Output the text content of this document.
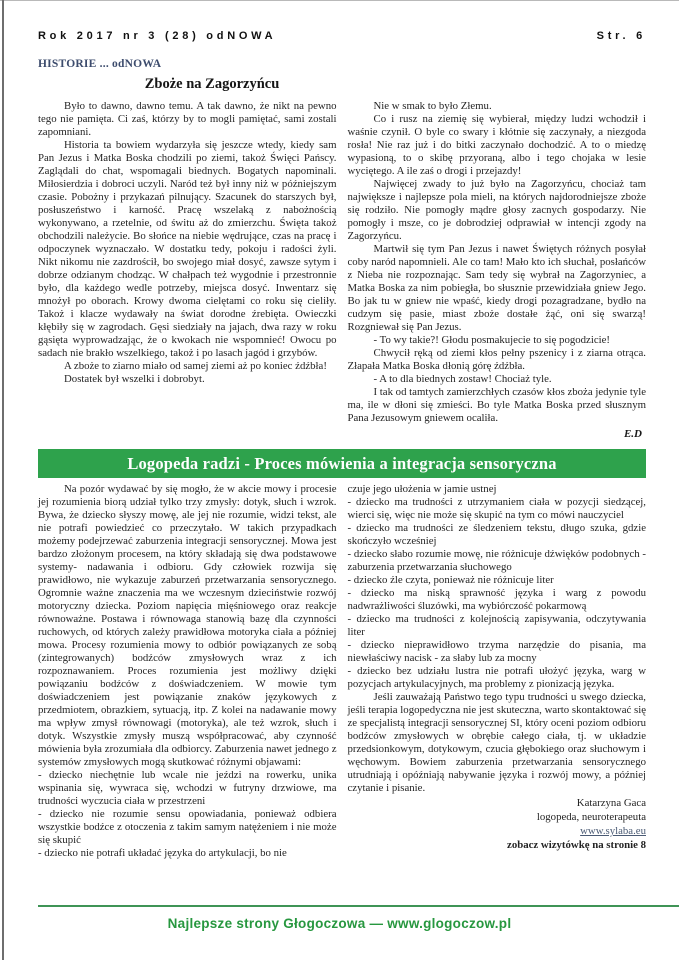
Rok 2017 nr 3 (28) odNOWA	Str. 6
HISTORIE ... odNOWA
Zboże na Zagorzyńcu

Było to dawno, dawno temu. A tak dawno, że nikt na pewno tego nie pamięta. Ci zaś, którzy by to mogli pamiętać, sami zostali zapomniani.

Historia ta bowiem wydarzyła się jeszcze wtedy, kiedy sam Pan Jezus i Matka Boska chodzili po ziemi, takoż Święci Pańscy. Zaglądali do chat, wspomagali biednych. Bogatych napominali. Miłosierdzia i dobroci uczyli. Naród też był inny niż w późniejszym czasie. Pobożny i przykazań pilnujący. Szacunek do starszych był, posłuszeństwo i karność. Pracę wszelaką z nabożnością wykonywano, a rzetelnie, od świtu aż do zmierzchu. Święta takoż obchodzili należycie. Bo słońce na niebie wędrujące, czas na pracę i odpoczynek wyznaczało. W dostatku tedy, pokoju i radości żyli. Nikt nikomu nie zazdrościł, bo swojego miał dosyć, zawsze sytym i dobrze odzianym chodząc. W chałpach też wygodnie i przestronnie było, dla każdego wedle potrzeby, miejsca dosyć. Inwentarz się mnożył po oborach. Krowy dwoma cielętami co roku się cieliły. Takoż i klacze wydawały na świat dorodne źrebięta. Owieczki kłębiły się w zagrodach. Gęsi siedziały na jajach, dwa razy w roku gąsięta wyprowadzając, że o kwokach nie wspomnieć! Owocu po sadach nie brakło wszelkiego, takoż i po lasach jagód i grzybów.

A zboże to ziarno miało od samej ziemi aż po koniec źdźbła!

Dostatek był wszelki i dobrobyt.

Nie w smak to było Złemu.

Co i rusz na ziemię się wybierał, między ludzi wchodził i waśnie czynił. O byle co swary i kłótnie się zaczynały, a niezgoda rosła! Nie raz już i do bitki zaczynało dochodzić. A to o miedzę wypasioną, to o skibę przyoraną, albo i tego chojaka w lesie wyciętego. A ile zaś o drogi i przejazdy!

Najwięcej zwady to już było na Zagorzyńcu, chociaż tam największe i najlepsze pola mieli, na których najdorodniejsze zboże się rodziło. Nie pomogły mądre głosy zacnych gospodarzy. Nie pomogły i msze, co je dobrodziej odprawiał w intencji zgody na Zagorzyńcu.

Martwił się tym Pan Jezus i nawet Świętych różnych posyłał coby naród napomnieli. Ale co tam! Mało kto ich słuchał, posłańców z Nieba nie rozpoznając. Sam tedy się wybrał na Zagorzyniec, a Matka Boska za nim pobiegła, bo słusznie przewidziała gniew Jego. Bo jak tu w gniew nie wpaść, kiedy drogi pozagradzane, bydło na cudzym się pasie, miast zboże dostałe żąć, oni się swarzą! Rozgniewał się Pan Jezus.

- To wy takie?! Głodu posmakujecie to się pogodzicie!

Chwycił ręką od ziemi kłos pełny pszenicy i z ziarna otrąca. Złapała Matka Boska dłonią górę źdźbła.

- A to dla biednych zostaw! Chociaż tyle.

I tak od tamtych zamierzchłych czasów kłos zboża jedynie tyle ma, ile w dłoni się zmieści. Bo tyle Matka Boska przed słusznym Pana Jezusowym gniewem ocaliła.

E.D
Logopeda radzi - Proces mówienia a integracja sensoryczna

Na pozór wydawać by się mogło, że w akcie mowy i procesie jej rozumienia biorą udział tylko trzy zmysły: dotyk, słuch i wzrok. Bywa, że dziecko słyszy mowę, ale jej nie rozumie, widzi tekst, ale nie potrafi powiedzieć co przeczytało. W takich przypadkach możemy podejrzewać zaburzenia integracji sensorycznej. Mowa jest bardzo złożonym procesem, na który składają się dwa podstawowe systemy- nadawania i odbioru. Gdy człowiek rozwija się prawidłowo, nie wykazuje zaburzeń przetwarzania sensorycznego. Ogromnie ważne znaczenia ma we wczesnym dzieciństwie rozwój motoryczny dziecka. Poziom napięcia mięśniowego oraz reakcje równoważne. Postawa i równowaga stanowią bazę dla czynności ruchowych, od których zależy prawidłowa motoryka ciała a później mowa. Procesy rozumienia mowy to odbiór powiązanych ze sobą (zintegrowanych) bodźców zmysłowych wraz z ich rozpoznawaniem. Proces rozumienia jest możliwy dzięki powiązaniu bodźców z doświadczeniem. W mowie tym doświadczeniem jest powiązanie znaków językowych z przedmiotem, obrazkiem, sytuacją, itp. Z kolei na nadawanie mowy ma wpływ zmysł równowagi (motoryka), ale też wzrok, słuch i dotyk. Wszystkie zmysły muszą współpracować, aby czynność mówienia była zrozumiała dla odbiorcy. Zaburzenia nawet jednego z systemów zmysłowych mogą skutkować różnymi objawami:

- dziecko niechętnie lub wcale nie jeździ na rowerku, unika wspinania się, wywraca się, wchodzi w futryny drzwiowe, ma trudności wyczucia ciała w przestrzeni

- dziecko nie rozumie sensu opowiadania, ponieważ odbiera wszystkie bodźce z otoczenia z takim samym natężeniem i nie może się skupić

- dziecko nie potrafi układać języka do artykulacji, bo nie

czuje jego ułożenia w jamie ustnej

- dziecko ma trudności z utrzymaniem ciała w pozycji siedzącej, wierci się, więc nie może się skupić na tym co mówi nauczyciel

- dziecko ma trudności ze śledzeniem tekstu, długo szuka, gdzie skończyło wcześniej

- dziecko słabo rozumie mowę, nie różnicuje dźwięków podobnych - zaburzenia przetwarzania słuchowego

- dziecko źle czyta, ponieważ nie różnicuje liter

- dziecko ma niską sprawność języka i warg z powodu nadwrażliwości śluzówki, ma wybiórczość pokarmową

- dziecko ma trudności z kolejnością zapisywania, odczytywania liter

- dziecko nieprawidłowo trzyma narzędzie do pisania, ma niewłaściwy nacisk - za słaby lub za mocny

- dziecko bez udziału lustra nie potrafi ułożyć języka, warg w pozycjach artykulacyjnych, ma problemy z pionizacją języka.

Jeśli zauważają Państwo tego typu trudności u swego dziecka, jeśli terapia logopedyczna nie jest skuteczna, warto skontaktować się ze specjalistą integracji sensorycznej SI, który oceni poziom odbioru bodźców zmysłowych w obrębie całego ciała, tj. w układzie przedsionkowym, dotykowym, czucia głębokiego oraz słuchowym i węchowym. Bowiem zaburzenia przetwarzania sensorycznego utrudniają i opóźniają nabywanie języka i rozwój mowy, a później czytanie i pisanie.

Katarzyna Gaca

logopeda, neuroterapeuta

www.sylaba.eu

zobacz wizytówkę na stronie 8

Najlepsze strony Głogoczowa — www.glogoczow.pl
